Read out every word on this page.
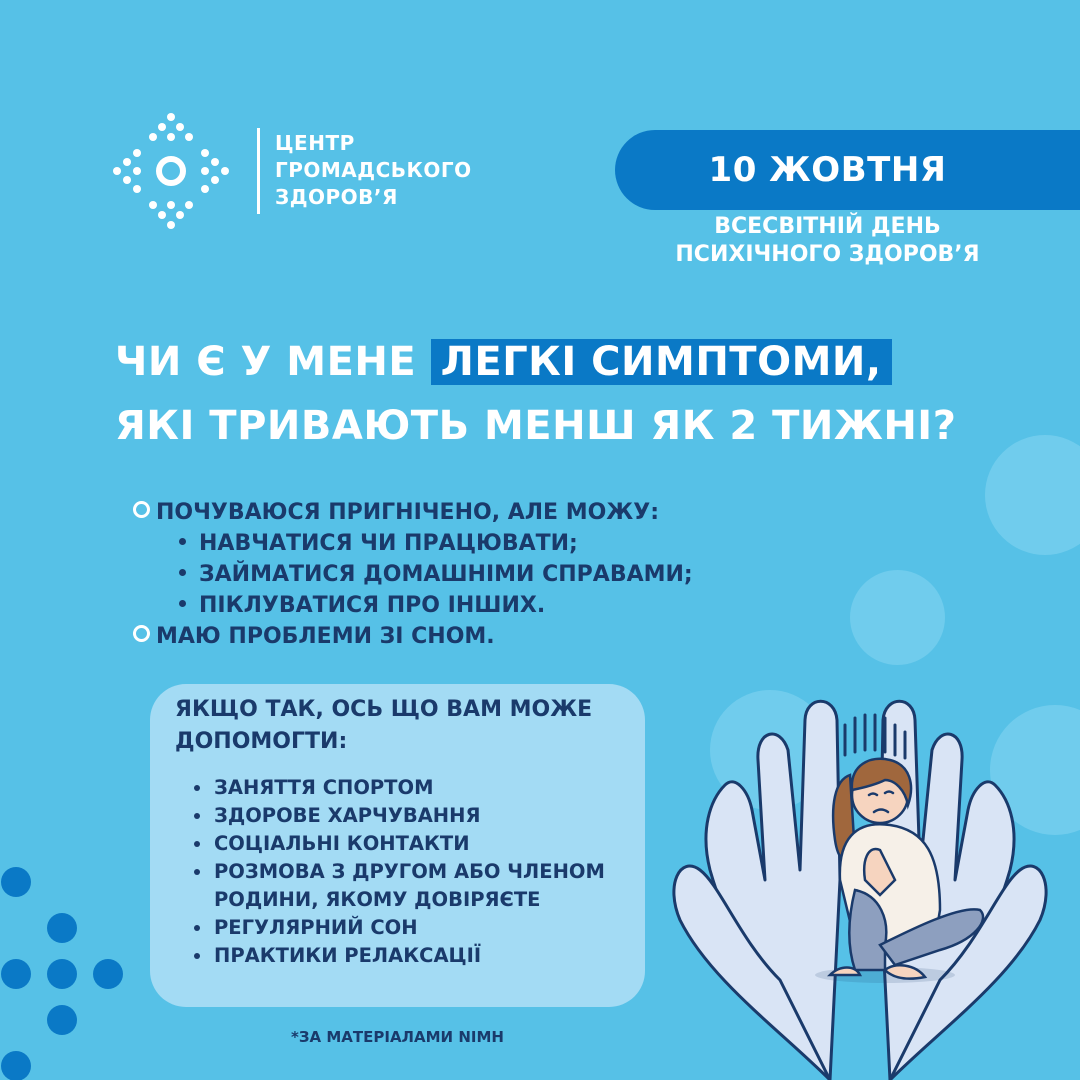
ЦЕНТР
ГРОМАДСЬКОГО
ЗДОРОВ’Я
10 ЖОВТНЯ
ВСЕСВІТНІЙ ДЕНЬ
ПСИХІЧНОГО ЗДОРОВ’Я
ЧИ Є У МЕНЕ ЛЕГКІ СИМПТОМИ,
ЯКІ ТРИВАЮТЬ МЕНШ ЯК 2 ТИЖНІ?
ПОЧУВАЮСЯ ПРИГНІЧЕНО, АЛЕ МОЖУ:
НАВЧАТИСЯ ЧИ ПРАЦЮВАТИ;
ЗАЙМАТИСЯ ДОМАШНІМИ СПРАВАМИ;
ПІКЛУВАТИСЯ ПРО ІНШИХ.
МАЮ ПРОБЛЕМИ ЗІ СНОМ.
ЯКЩО ТАК, ОСЬ ЩО ВАМ МОЖЕ ДОПОМОГТИ:
ЗАНЯТТЯ СПОРТОМ
ЗДОРОВЕ ХАРЧУВАННЯ
СОЦІАЛЬНІ КОНТАКТИ
РОЗМОВА З ДРУГОМ АБО ЧЛЕНОМ РОДИНИ, ЯКОМУ ДОВІРЯЄТЕ
РЕГУЛЯРНИЙ СОН
ПРАКТИКИ РЕЛАКСАЦІЇ
*ЗА МАТЕРІАЛАМИ NIMH
